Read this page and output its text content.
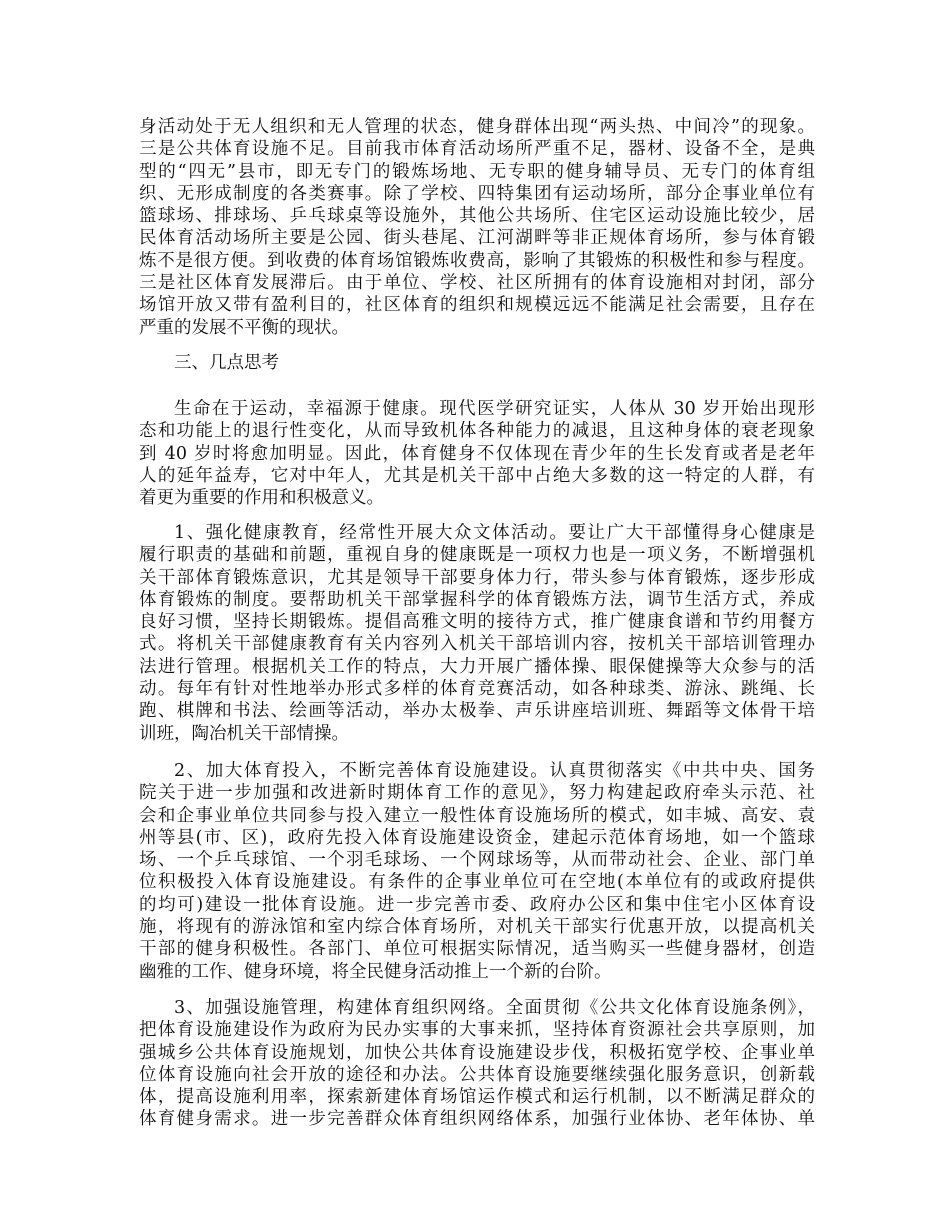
身活动处于无人组织和无人管理的状态，健身群体出现“两头热、中间冷”的现象。
三是公共体育设施不足。目前我市体育活动场所严重不足，器材、设备不全，是典
型的“四无”县市，即无专门的锻炼场地、无专职的健身辅导员、无专门的体育组
织、无形成制度的各类赛事。除了学校、四特集团有运动场所，部分企事业单位有
篮球场、排球场、乒乓球桌等设施外，其他公共场所、住宅区运动设施比较少，居
民体育活动场所主要是公园、街头巷尾、江河湖畔等非正规体育场所，参与体育锻
炼不是很方便。到收费的体育场馆锻炼收费高，影响了其锻炼的积极性和参与程度。
三是社区体育发展滞后。由于单位、学校、社区所拥有的体育设施相对封闭，部分
场馆开放又带有盈利目的，社区体育的组织和规模远远不能满足社会需要，且存在
严重的发展不平衡的现状。
三、几点思考
生命在于运动，幸福源于健康。现代医学研究证实，人体从 30 岁开始出现形
态和功能上的退行性变化，从而导致机体各种能力的减退，且这种身体的衰老现象
到 40 岁时将愈加明显。因此，体育健身不仅体现在青少年的生长发育或者是老年
人的延年益寿，它对中年人，尤其是机关干部中占绝大多数的这一特定的人群，有
着更为重要的作用和积极意义。
1、强化健康教育，经常性开展大众文体活动。要让广大干部懂得身心健康是
履行职责的基础和前题，重视自身的健康既是一项权力也是一项义务，不断增强机
关干部体育锻炼意识，尤其是领导干部要身体力行，带头参与体育锻炼，逐步形成
体育锻炼的制度。要帮助机关干部掌握科学的体育锻炼方法，调节生活方式，养成
良好习惯，坚持长期锻炼。提倡高雅文明的接待方式，推广健康食谱和节约用餐方
式。将机关干部健康教育有关内容列入机关干部培训内容，按机关干部培训管理办
法进行管理。根据机关工作的特点，大力开展广播体操、眼保健操等大众参与的活
动。每年有针对性地举办形式多样的体育竞赛活动，如各种球类、游泳、跳绳、长
跑、棋牌和书法、绘画等活动，举办太极拳、声乐讲座培训班、舞蹈等文体骨干培
训班，陶冶机关干部情操。
2、加大体育投入，不断完善体育设施建设。认真贯彻落实《中共中央、国务
院关于进一步加强和改进新时期体育工作的意见》，努力构建起政府牵头示范、社
会和企事业单位共同参与投入建立一般性体育设施场所的模式，如丰城、高安、袁
州等县(市、区)，政府先投入体育设施建设资金，建起示范体育场地，如一个篮球
场、一个乒乓球馆、一个羽毛球场、一个网球场等，从而带动社会、企业、部门单
位积极投入体育设施建设。有条件的企事业单位可在空地(本单位有的或政府提供
的均可)建设一批体育设施。进一步完善市委、政府办公区和集中住宅小区体育设
施，将现有的游泳馆和室内综合体育场所，对机关干部实行优惠开放，以提高机关
干部的健身积极性。各部门、单位可根据实际情况，适当购买一些健身器材，创造
幽雅的工作、健身环境，将全民健身活动推上一个新的台阶。
3、加强设施管理，构建体育组织网络。全面贯彻《公共文化体育设施条例》，
把体育设施建设作为政府为民办实事的大事来抓，坚持体育资源社会共享原则，加
强城乡公共体育设施规划，加快公共体育设施建设步伐，积极拓宽学校、企事业单
位体育设施向社会开放的途径和办法。公共体育设施要继续强化服务意识，创新载
体，提高设施利用率，探索新建体育场馆运作模式和运行机制，以不断满足群众的
体育健身需求。进一步完善群众体育组织网络体系，加强行业体协、老年体协、单
